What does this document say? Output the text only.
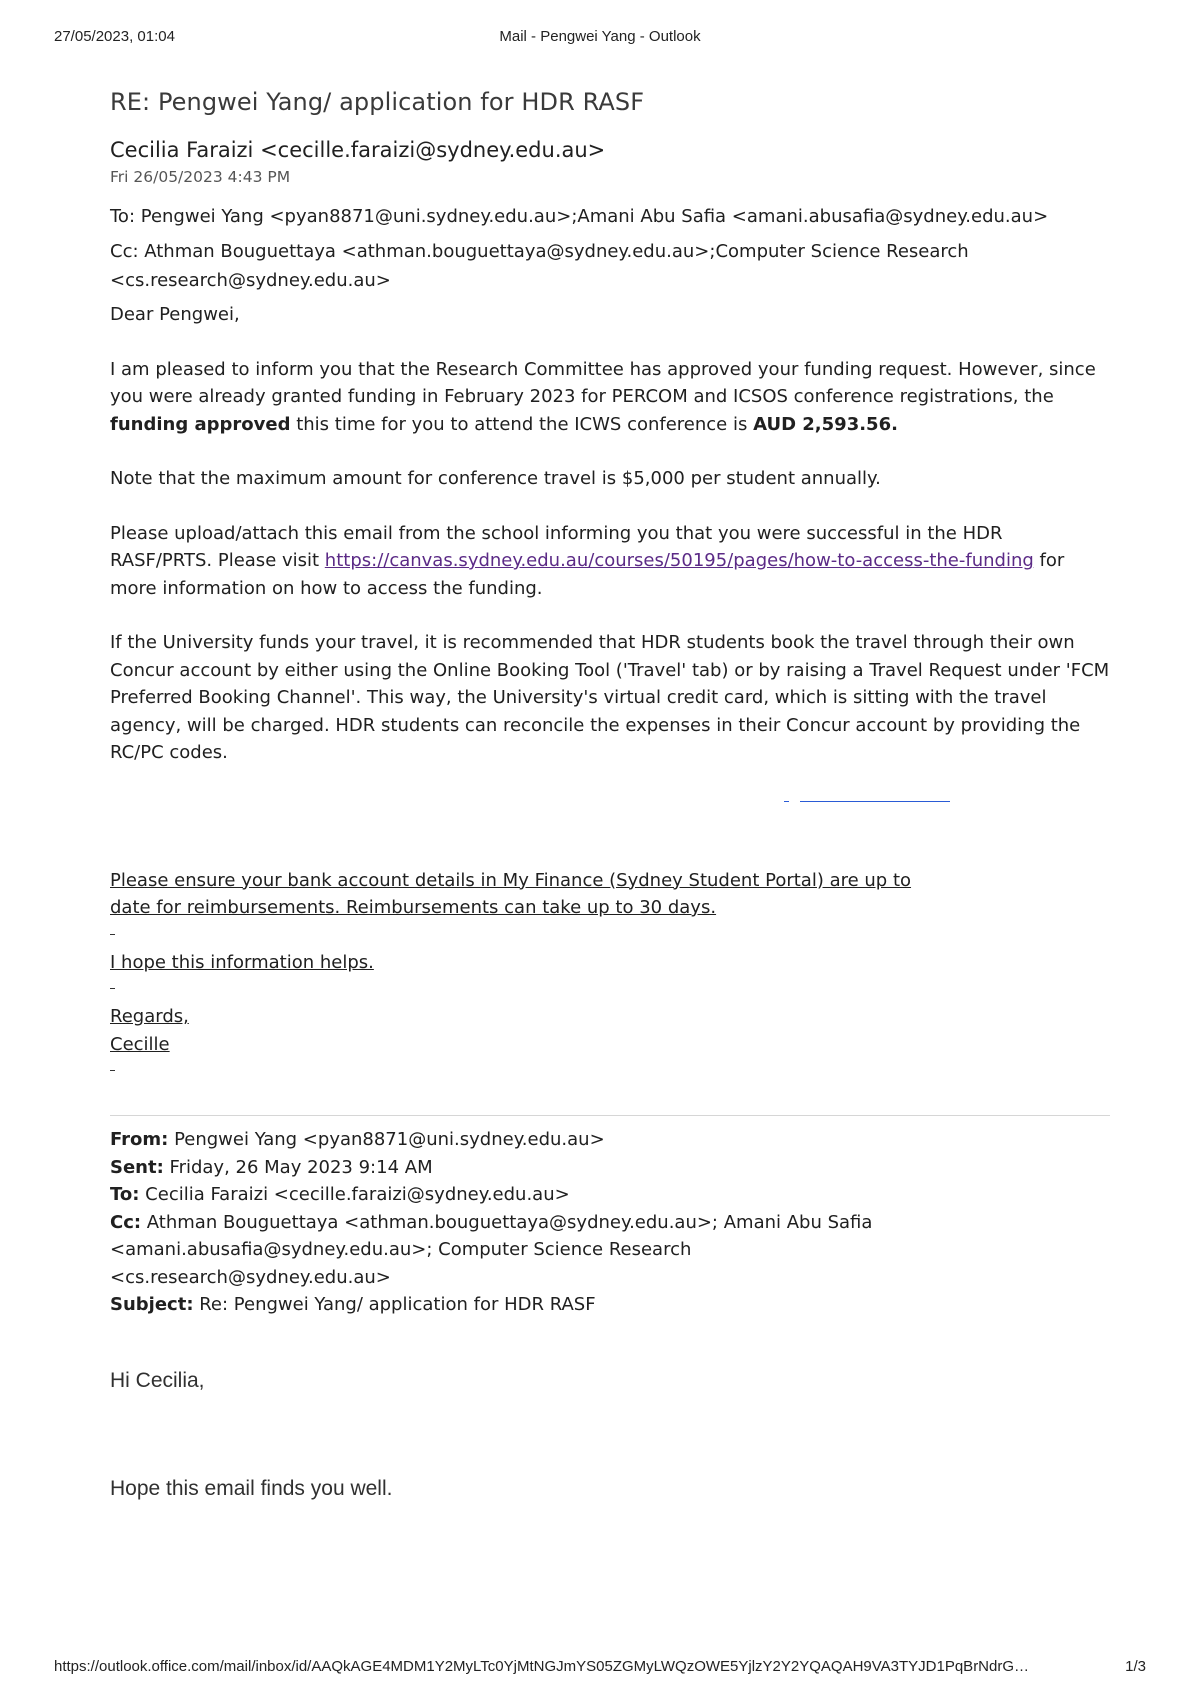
27/05/2023, 01:04	Mail - Pengwei Yang - Outlook
RE: Pengwei Yang/ application for HDR RASF
Cecilia Faraizi <cecille.faraizi@sydney.edu.au>
Fri 26/05/2023 4:43 PM
To: Pengwei Yang <pyan8871@uni.sydney.edu.au>;Amani Abu Safia <amani.abusafia@sydney.edu.au>
Cc: Athman Bouguettaya <athman.bouguettaya@sydney.edu.au>;Computer Science Research
<cs.research@sydney.edu.au>

Dear Pengwei,

I am pleased to inform you that the Research Committee has approved your funding request. However, since you were already granted funding in February 2023 for PERCOM and ICSOS conference registrations, the funding approved this time for you to attend the ICWS conference is AUD 2,593.56.

Note that the maximum amount for conference travel is $5,000 per student annually.

Please upload/attach this email from the school informing you that you were successful in the HDR RASF/PRTS. Please visit https://canvas.sydney.edu.au/courses/50195/pages/how-to-access-the-funding for more information on how to access the funding.

If the University funds your travel, it is recommended that HDR students book the travel through their own Concur account by either using the Online Booking Tool ('Travel' tab) or by raising a Travel Request under 'FCM Preferred Booking Channel'. This way, the University's virtual credit card, which is sitting with the travel agency, will be charged. HDR students can reconcile the expenses in their Concur account by providing the RC/PC codes.

Please ensure your bank account details in My Finance (Sydney Student Portal) are up to date for reimbursements. Reimbursements can take up to 30 days.
I hope this information helps.
Regards,
Cecille
From: Pengwei Yang <pyan8871@uni.sydney.edu.au>
Sent: Friday, 26 May 2023 9:14 AM
To: Cecilia Faraizi <cecille.faraizi@sydney.edu.au>
Cc: Athman Bouguettaya <athman.bouguettaya@sydney.edu.au>; Amani Abu Safia <amani.abusafia@sydney.edu.au>; Computer Science Research <cs.research@sydney.edu.au>
Subject: Re: Pengwei Yang/ application for HDR RASF
Hi Cecilia,
Hope this email finds you well.
https://outlook.office.com/mail/inbox/id/AAQkAGE4MDM1Y2MyLTc0YjMtNGJmYS05ZGMyLWQzOWE5YjlzY2Y2YQAQAH9VA3TYJD1PqBrNdrG…	1/3
